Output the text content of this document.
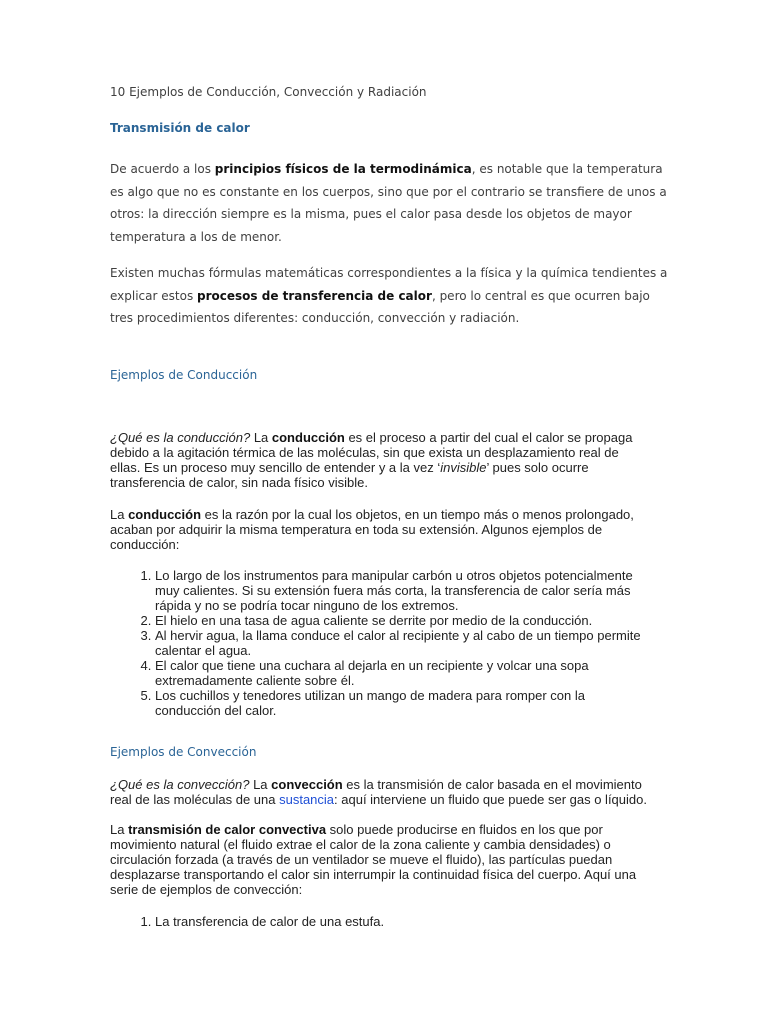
10 Ejemplos de Conducción, Convección y Radiación
Transmisión de calor
De acuerdo a los principios físicos de la termodinámica, es notable que la temperatura es algo que no es constante en los cuerpos, sino que por el contrario se transfiere de unos a otros: la dirección siempre es la misma, pues el calor pasa desde los objetos de mayor temperatura a los de menor.
Existen muchas fórmulas matemáticas correspondientes a la física y la química tendientes a explicar estos procesos de transferencia de calor, pero lo central es que ocurren bajo tres procedimientos diferentes: conducción, convección y radiación.
Ejemplos de Conducción
¿Qué es la conducción? La conducción es el proceso a partir del cual el calor se propaga debido a la agitación térmica de las moléculas, sin que exista un desplazamiento real de ellas. Es un proceso muy sencillo de entender y a la vez ‘invisible’ pues solo ocurre transferencia de calor, sin nada físico visible.
La conducción es la razón por la cual los objetos, en un tiempo más o menos prolongado, acaban por adquirir la misma temperatura en toda su extensión. Algunos ejemplos de conducción:
1. Lo largo de los instrumentos para manipular carbón u otros objetos potencialmente muy calientes. Si su extensión fuera más corta, la transferencia de calor sería más rápida y no se podría tocar ninguno de los extremos.
2. El hielo en una tasa de agua caliente se derrite por medio de la conducción.
3. Al hervir agua, la llama conduce el calor al recipiente y al cabo de un tiempo permite calentar el agua.
4. El calor que tiene una cuchara al dejarla en un recipiente y volcar una sopa extremadamente caliente sobre él.
5. Los cuchillos y tenedores utilizan un mango de madera para romper con la conducción del calor.
Ejemplos de Convección
¿Qué es la convección? La convección es la transmisión de calor basada en el movimiento real de las moléculas de una sustancia: aquí interviene un fluido que puede ser gas o líquido.
La transmisión de calor convectiva solo puede producirse en fluidos en los que por movimiento natural (el fluido extrae el calor de la zona caliente y cambia densidades) o circulación forzada (a través de un ventilador se mueve el fluido), las partículas puedan desplazarse transportando el calor sin interrumpir la continuidad física del cuerpo. Aquí una serie de ejemplos de convección:
1. La transferencia de calor de una estufa.
